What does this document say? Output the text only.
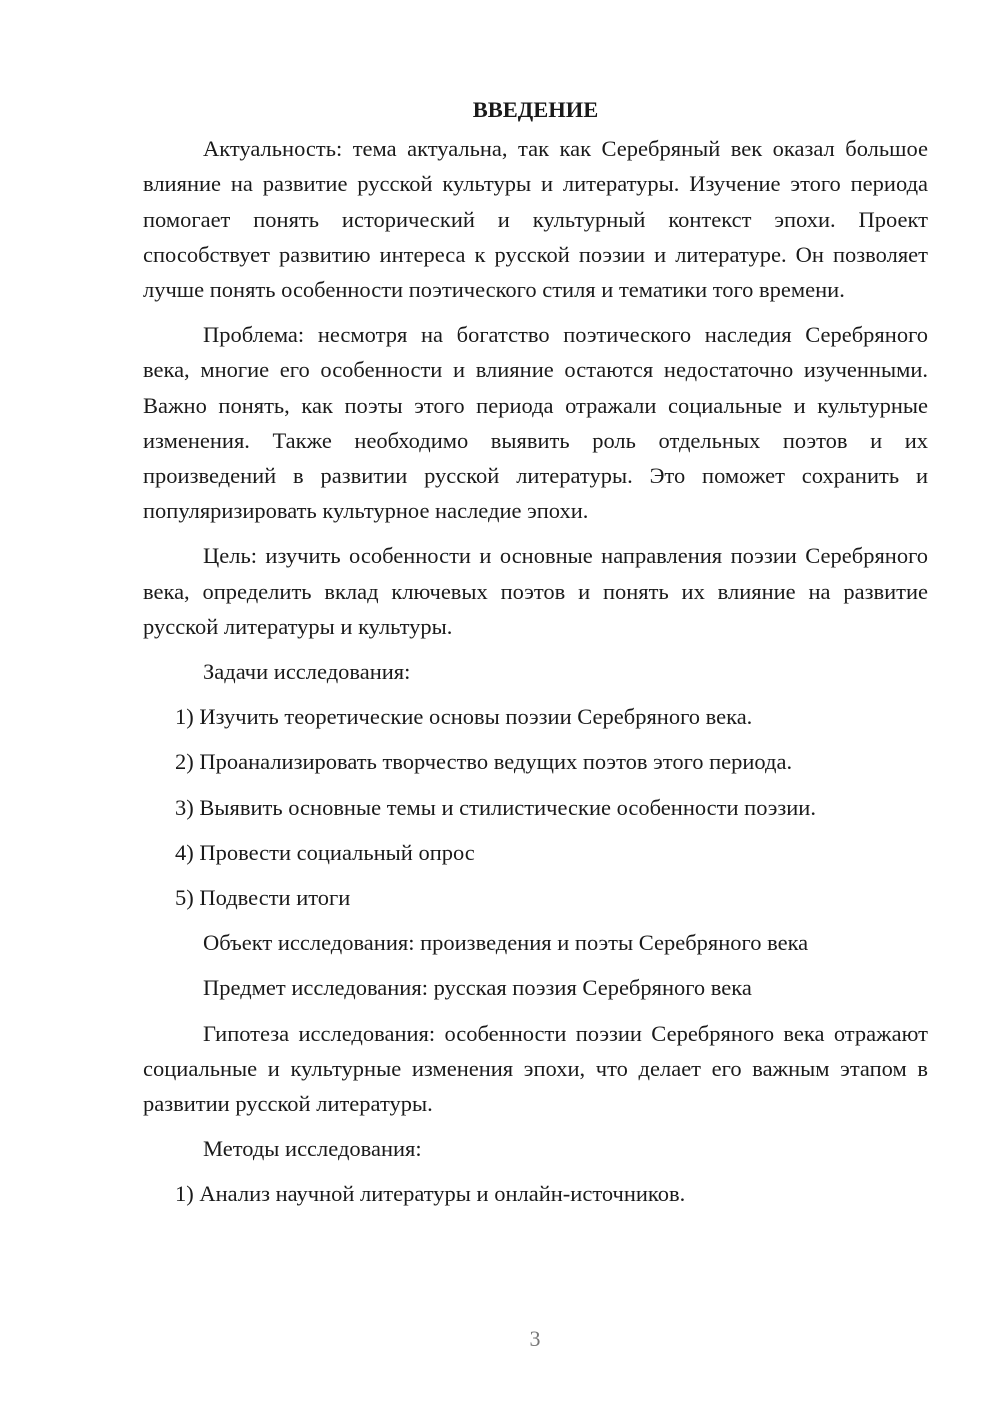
ВВЕДЕНИЕ

Актуальность: тема актуальна, так как Серебряный век оказал большое влияние на развитие русской культуры и литературы. Изучение этого периода помогает понять исторический и культурный контекст эпохи. Проект способствует развитию интереса к русской поэзии и литературе. Он позволяет лучше понять особенности поэтического стиля и тематики того времени.

Проблема: несмотря на богатство поэтического наследия Серебряного века, многие его особенности и влияние остаются недостаточно изученными. Важно понять, как поэты этого периода отражали социальные и культурные изменения. Также необходимо выявить роль отдельных поэтов и их произведений в развитии русской литературы. Это поможет сохранить и популяризировать культурное наследие эпохи.

Цель: изучить особенности и основные направления поэзии Серебряного века, определить вклад ключевых поэтов и понять их влияние на развитие русской литературы и культуры.

Задачи исследования:
1) Изучить теоретические основы поэзии Серебряного века.
2) Проанализировать творчество ведущих поэтов этого периода.
3) Выявить основные темы и стилистические особенности поэзии.
4) Провести социальный опрос
5) Подвести итоги
Объект исследования: произведения и поэты Серебряного века
Предмет исследования: русская поэзия Серебряного века

Гипотеза исследования: особенности поэзии Серебряного века отражают социальные и культурные изменения эпохи, что делает его важным этапом в развитии русской литературы.

Методы исследования:
1) Анализ научной литературы и онлайн-источников.
3
